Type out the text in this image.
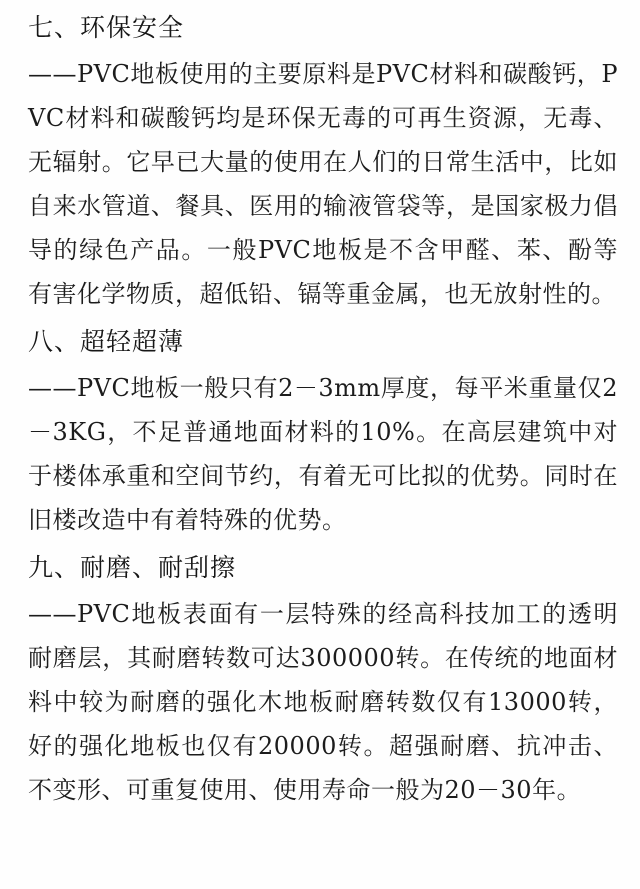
七、环保安全

——PVC地板使用的主要原料是PVC材料和碳酸钙，PVC材料和碳酸钙均是环保无毒的可再生资源，无毒、无辐射。它早已大量的使用在人们的日常生活中，比如自来水管道、餐具、医用的输液管袋等，是国家极力倡导的绿色产品。一般PVC地板是不含甲醛、苯、酚等有害化学物质，超低铅、镉等重金属，也无放射性的。

八、超轻超薄

——PVC地板一般只有2－3mm厚度，每平米重量仅2－3KG，不足普通地面材料的10%。在高层建筑中对于楼体承重和空间节约，有着无可比拟的优势。同时在旧楼改造中有着特殊的优势。

九、耐磨、耐刮擦

——PVC地板表面有一层特殊的经高科技加工的透明耐磨层，其耐磨转数可达300000转。在传统的地面材料中较为耐磨的强化木地板耐磨转数仅有13000转，好的强化地板也仅有20000转。超强耐磨、抗冲击、不变形、可重复使用、使用寿命一般为20－30年。
